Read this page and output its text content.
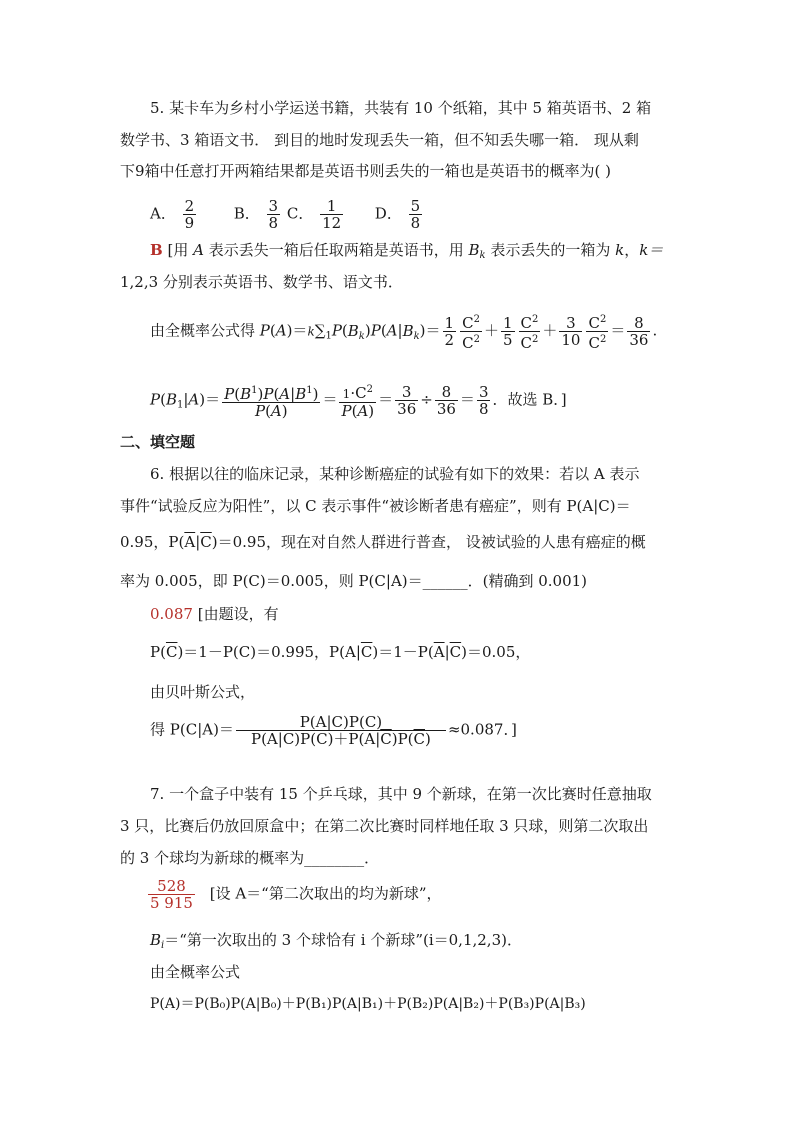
5. 某卡车为乡村小学运送书籍，共装有 10 个纸箱，其中 5 箱英语书、2 箱
数学书、3 箱语文书． 到目的地时发现丢失一箱，但不知丢失哪一箱． 现从剩
下9箱中任意打开两箱结果都是英语书则丢失的一箱也是英语书的概率为( )
A． $\frac{2}{9}$	B． $\frac{3}{8}$ C． $\frac{1}{12}$ D． $\frac{5}{8}$
B [用 A 表示丢失一箱后任取两箱是英语书，用 $B_k$ 表示丢失的一箱为 k，k＝
1,2,3 分别表示英语书、数学书、语文书．
由全概率公式得 $P(A)=k\sum_1P(B_k)P(A|B_k)= \frac{1}{2} \frac{C^2}{C^2} + \frac{1}{5} \frac{C^2}{C^2} + \frac{3}{10} \frac{C^2}{C^2} = \frac{8}{36}$ .
$P(B_1|A)= \frac{P(B^1)P(A|B^1)}{P(A)} = \frac{1\cdot C^2}{P(A)} = \frac{3}{36} \div \frac{8}{36} = \frac{3}{8}$ ．故选 B．]
二、填空题
6. 根据以往的临床记录，某种诊断癌症的试验有如下的效果：若以 A 表示
事件“试验反应为阳性”，以 C 表示事件“被诊断者患有癌症”，则有 P(A|C)＝
0.95，$P(\overline{A}|\overline{C})=0.95$，现在对自然人群进行普查， 设被试验的人患有癌症的概
率为 0.005，即 P(C)＝0.005，则 P(C|A)＝______．(精确到 0.001)
0.087 [由题设，有
$P(\overline{C})=1-P(C)=0.995$，$P(A|\overline{C})=1-P(\overline{A}|\overline{C})=0.05$，
由贝叶斯公式，
得 $P(C|A)= \frac{P(A|C)P(C)}{P(A|C)P(C)+P(A|\overline{C})P(\overline{C})} \approx 0.087$．]
7. 一个盒子中装有 15 个乒乓球，其中 9 个新球，在第一次比赛时任意抽取
3 只，比赛后仍放回原盒中；在第二次比赛时同样地任取 3 只球，则第二次取出
的 3 个球均为新球的概率为________．
$\frac{528}{5 915}$ [设 A＝“第二次取出的均为新球”，
$B_i=“$第一次取出的 3 个球恰有 i 个新球”(i＝0,1,2,3)．
由全概率公式
P(A)＝P(B₀)P(A|B₀)＋P(B₁)P(A|B₁)＋P(B₂)P(A|B₂)＋P(B₃)P(A|B₃)
